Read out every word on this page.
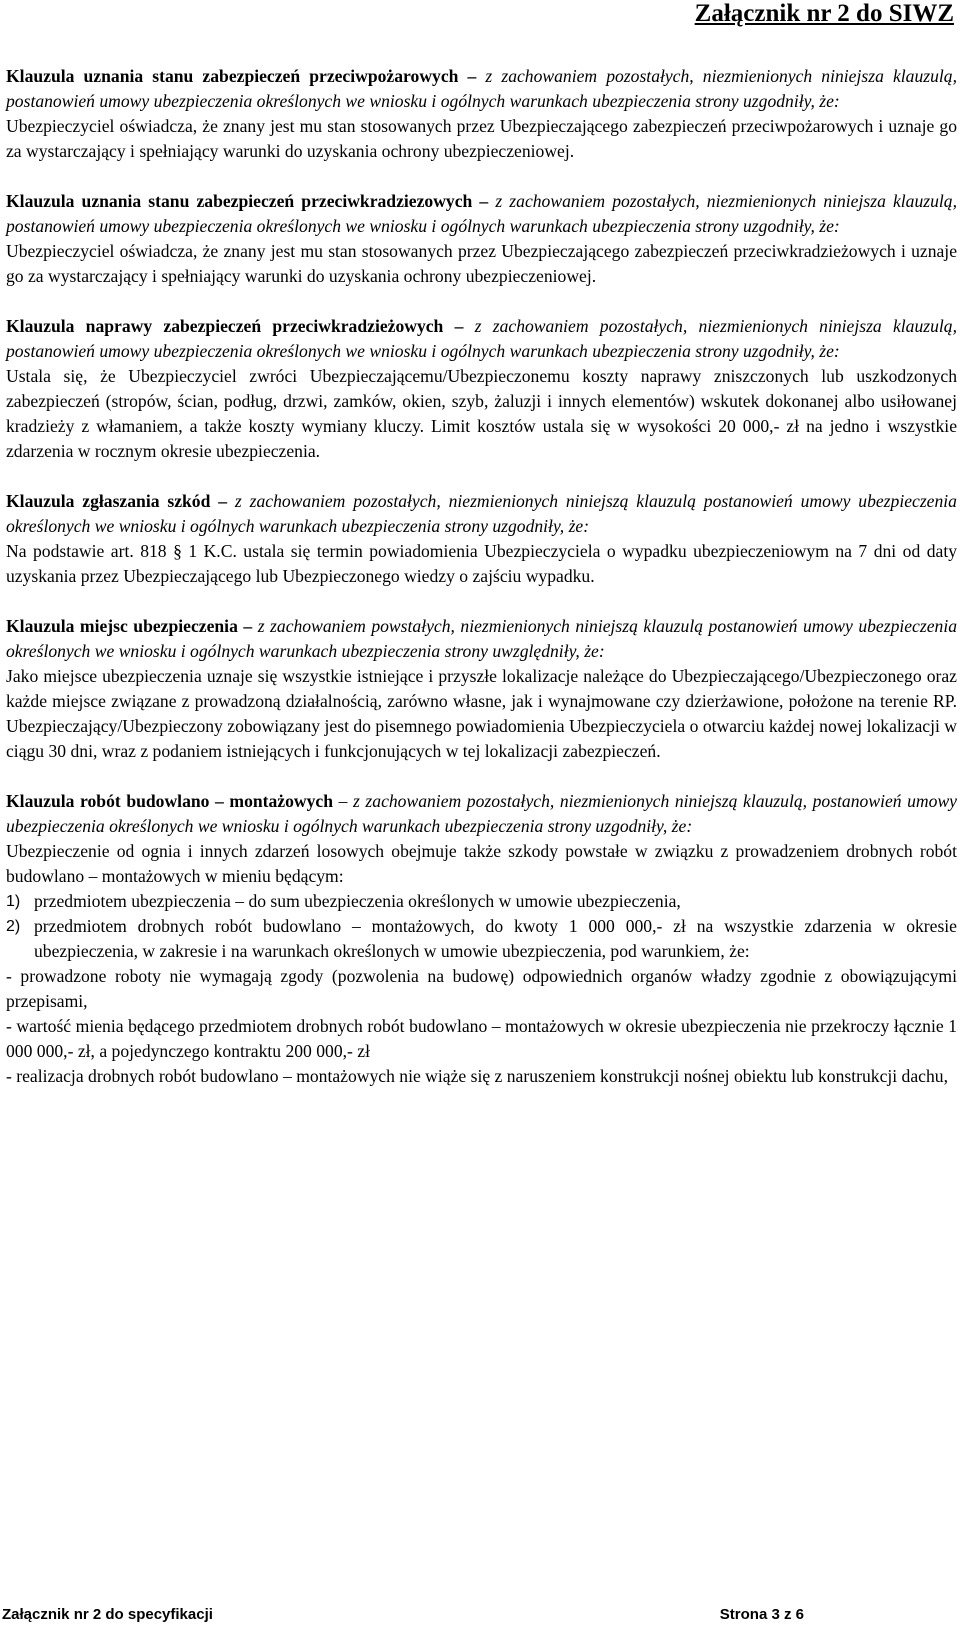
Załącznik nr 2 do SIWZ

Klauzula uznania stanu zabezpieczeń przeciwpożarowych – z zachowaniem pozostałych, niezmienionych niniejsza klauzulą, postanowień umowy ubezpieczenia określonych we wniosku i ogólnych warunkach ubezpieczenia strony uzgodniły, że:

Ubezpieczyciel oświadcza, że znany jest mu stan stosowanych przez Ubezpieczającego zabezpieczeń przeciwpożarowych i uznaje go za wystarczający i spełniający warunki do uzyskania ochrony ubezpieczeniowej.

Klauzula uznania stanu zabezpieczeń przeciwkradziezowych – z zachowaniem pozostałych, niezmienionych niniejsza klauzulą, postanowień umowy ubezpieczenia określonych we wniosku i ogólnych warunkach ubezpieczenia strony uzgodniły, że:

Ubezpieczyciel oświadcza, że znany jest mu stan stosowanych przez Ubezpieczającego zabezpieczeń przeciwkradzieżowych i uznaje go za wystarczający i spełniający warunki do uzyskania ochrony ubezpieczeniowej.

Klauzula naprawy zabezpieczeń przeciwkradzieżowych – z zachowaniem pozostałych, niezmienionych niniejsza klauzulą, postanowień umowy ubezpieczenia określonych we wniosku i ogólnych warunkach ubezpieczenia strony uzgodniły, że:

Ustala się, że Ubezpieczyciel zwróci Ubezpieczającemu/Ubezpieczonemu koszty naprawy zniszczonych lub uszkodzonych zabezpieczeń (stropów, ścian, podług, drzwi, zamków, okien, szyb, żaluzji i innych elementów) wskutek dokonanej albo usiłowanej kradzieży z włamaniem, a także koszty wymiany kluczy. Limit kosztów ustala się w wysokości 20 000,- zł na jedno i wszystkie zdarzenia w rocznym okresie ubezpieczenia.

Klauzula zgłaszania szkód – z zachowaniem pozostałych, niezmienionych niniejszą klauzulą postanowień umowy ubezpieczenia określonych we wniosku i ogólnych warunkach ubezpieczenia strony uzgodniły, że:

Na podstawie art. 818 § 1 K.C. ustala się termin powiadomienia Ubezpieczyciela o wypadku ubezpieczeniowym na 7 dni od daty uzyskania przez Ubezpieczającego lub Ubezpieczonego wiedzy o zajściu wypadku.

Klauzula miejsc ubezpieczenia – z zachowaniem powstałych, niezmienionych niniejszą klauzulą postanowień umowy ubezpieczenia określonych we wniosku i ogólnych warunkach ubezpieczenia strony uwzględniły, że:

Jako miejsce ubezpieczenia uznaje się wszystkie istniejące i przyszłe lokalizacje należące do Ubezpieczającego/Ubezpieczonego oraz każde miejsce związane z prowadzoną działalnością, zarówno własne, jak i wynajmowane czy dzierżawione, położone na terenie RP. Ubezpieczający/Ubezpieczony zobowiązany jest do pisemnego powiadomienia Ubezpieczyciela o otwarciu każdej nowej lokalizacji w ciągu 30 dni, wraz z podaniem istniejących i funkcjonujących w tej lokalizacji zabezpieczeń.

Klauzula robót budowlano – montażowych – z zachowaniem pozostałych, niezmienionych niniejszą klauzulą, postanowień umowy ubezpieczenia określonych we wniosku i ogólnych warunkach ubezpieczenia strony uzgodniły, że:

Ubezpieczenie od ognia i innych zdarzeń losowych obejmuje także szkody powstałe w związku z prowadzeniem drobnych robót budowlano – montażowych w mieniu będącym:

1) przedmiotem ubezpieczenia – do sum ubezpieczenia określonych w umowie ubezpieczenia,
2) przedmiotem drobnych robót budowlano – montażowych, do kwoty 1 000 000,- zł na wszystkie zdarzenia w okresie ubezpieczenia, w zakresie i na warunkach określonych w umowie ubezpieczenia, pod warunkiem, że:

- prowadzone roboty nie wymagają zgody (pozwolenia na budowę) odpowiednich organów władzy zgodnie z obowiązującymi przepisami,

- wartość mienia będącego przedmiotem drobnych robót budowlano – montażowych w okresie ubezpieczenia nie przekroczy łącznie 1 000 000,- zł, a pojedynczego kontraktu 200 000,- zł

- realizacja drobnych robót budowlano – montażowych nie wiąże się z naruszeniem konstrukcji nośnej obiektu lub konstrukcji dachu,

Załącznik nr 2 do specyfikacji	Strona 3 z 6
